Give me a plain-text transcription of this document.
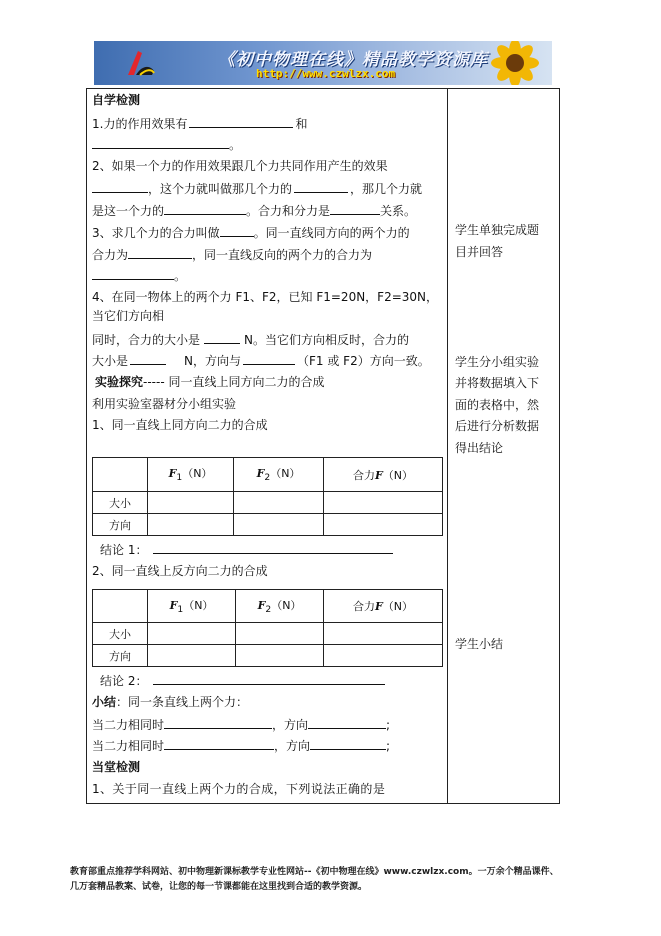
《初中物理在线》精品教学资源库
http://www.czwlzx.com
自学检测
1.力的作用效果有	和
。
2、如果一个力的作用效果跟几个力共同作用产生的效果
，这个力就叫做那几个力的	，那几个力就
是这一个力的	。合力和分力是	关系。
3、求几个力的合力叫做	。同一直线同方向的两个力的
合力为	，同一直线反向的两个力的合力为
。
4、在同一物体上的两个力 F1、F2，已知 F1=20N，F2=30N，
当它们方向相
同时，合力的大小是	N。当它们方向相反时，合力的
大小是	N，方向与	（F1 或 F2）方向一致。
实验探究----- 同一直线上同方向二力的合成
利用实验室器材分小组实验
1、同一直线上同方向二力的合成
	$F_1(N)$	$F_2(N)$	合力F（N）
大小			
方向			
结论 1：
2、同一直线上反方向二力的合成
	$F_1(N)$	$F_2(N)$	合力F（N）
大小			
方向			
结论 2：
小结：同一条直线上两个力：
当二力相同时	，方向	;
当二力相同时	，方向	;
当堂检测
1、关于同一直线上两个力的合成，下列说法正确的是
学生单独完成题
目并回答
学生分小组实验
并将数据填入下
面的表格中，然
后进行分析数据
得出结论
学生小结
教育部重点推荐学科网站、初中物理新课标教学专业性网站--《初中物理在线》www.czwlzx.com。一万余个精品课件、
几万套精品教案、试卷，让您的每一节课都能在这里找到合适的教学资源。
